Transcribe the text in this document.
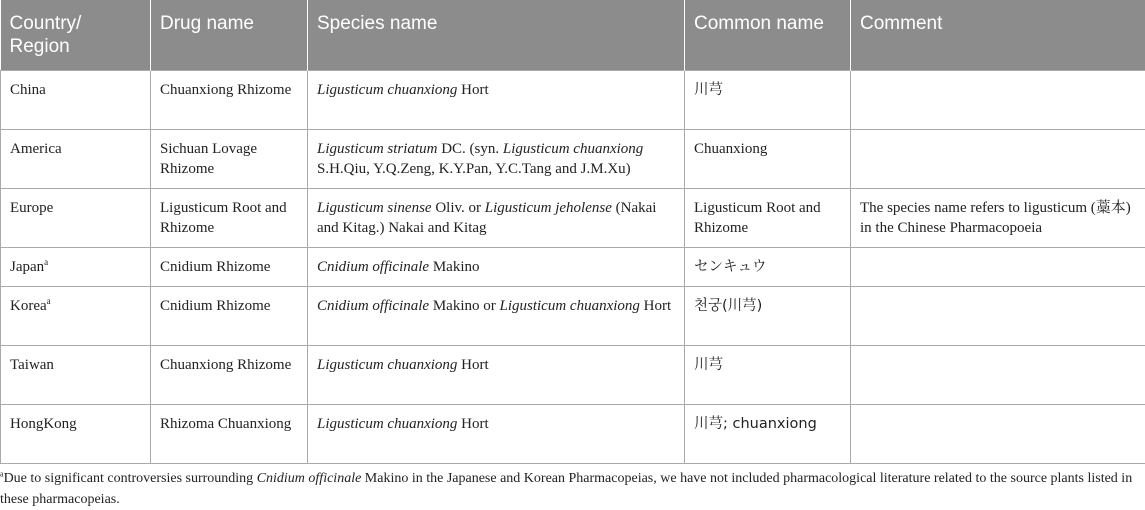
Country/ Region	Drug name	Species name	Common name	Comment
China	Chuanxiong Rhizome	Ligusticum chuanxiong Hort	川芎	
America	Sichuan Lovage Rhizome	Ligusticum striatum DC. (syn. Ligusticum chuanxiong S.H.Qiu, Y.Q.Zeng, K.Y.Pan, Y.C.Tang and J.M.Xu)	Chuanxiong	
Europe	Ligusticum Root and Rhizome	Ligusticum sinense Oliv. or Ligusticum jeholense (Nakai and Kitag.) Nakai and Kitag	Ligusticum Root and Rhizome	The species name refers to ligusticum (藁本) in the Chinese Pharmacopoeia
Japan$^a$	Cnidium Rhizome	Cnidium officinale Makino	センキュウ	
Korea$^a$	Cnidium Rhizome	Cnidium officinale Makino or Ligusticum chuanxiong Hort	천궁(川芎)	
Taiwan	Chuanxiong Rhizome	Ligusticum chuanxiong Hort	川芎	
HongKong	Rhizoma Chuanxiong	Ligusticum chuanxiong Hort	川芎; chuanxiong	
$^a$Due to significant controversies surrounding Cnidium officinale Makino in the Japanese and Korean Pharmacopeias, we have not included pharmacological literature related to the source plants listed in these pharmacopeias.
